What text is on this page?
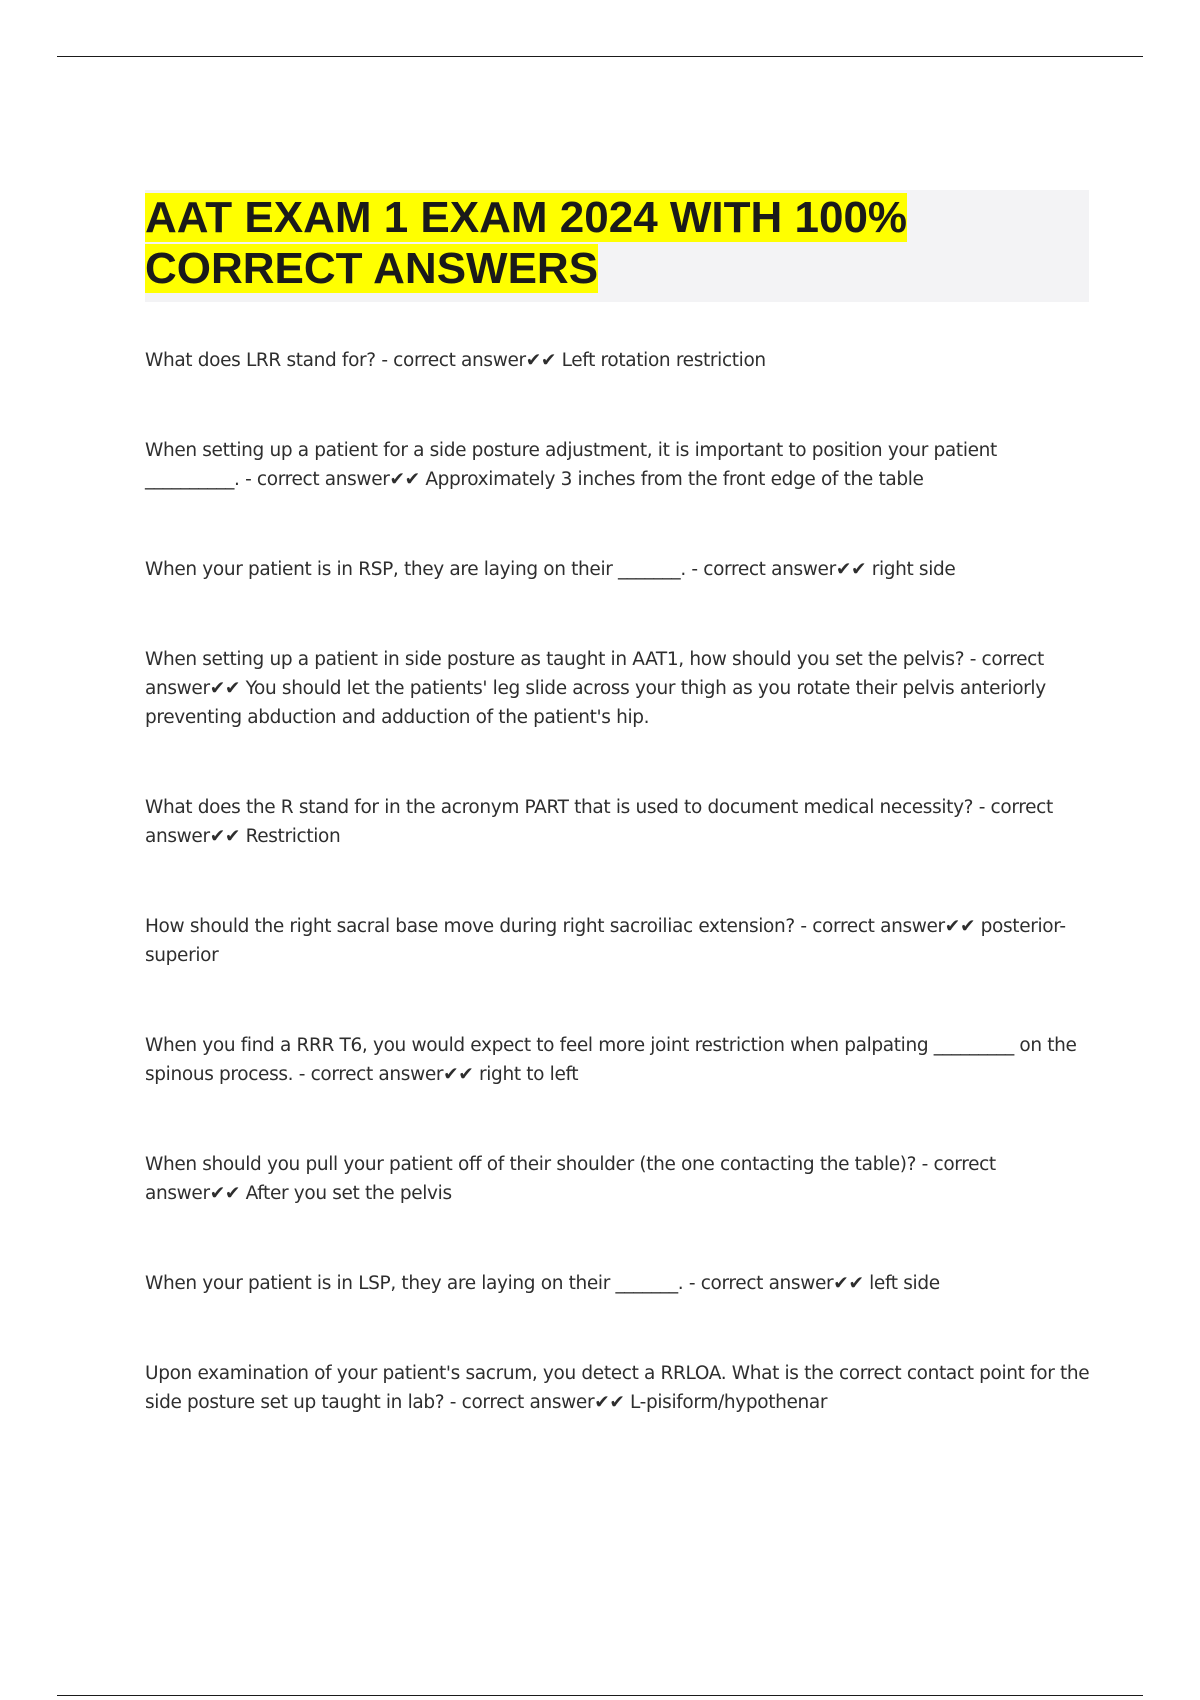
AAT EXAM 1 EXAM 2024 WITH 100% CORRECT ANSWERS

What does LRR stand for? - correct answer✔✔ Left rotation restriction

When setting up a patient for a side posture adjustment, it is important to position your patient __________. - correct answer✔✔ Approximately 3 inches from the front edge of the table

When your patient is in RSP, they are laying on their _______. - correct answer✔✔ right side

When setting up a patient in side posture as taught in AAT1, how should you set the pelvis? - correct answer✔✔ You should let the patients' leg slide across your thigh as you rotate their pelvis anteriorly preventing abduction and adduction of the patient's hip.

What does the R stand for in the acronym PART that is used to document medical necessity? - correct answer✔✔ Restriction

How should the right sacral base move during right sacroiliac extension? - correct answer✔✔ posterior-superior

When you find a RRR T6, you would expect to feel more joint restriction when palpating _________ on the spinous process. - correct answer✔✔ right to left

When should you pull your patient off of their shoulder (the one contacting the table)? - correct answer✔✔ After you set the pelvis

When your patient is in LSP, they are laying on their _______. - correct answer✔✔ left side

Upon examination of your patient's sacrum, you detect a RRLOA. What is the correct contact point for the side posture set up taught in lab? - correct answer✔✔ L-pisiform/hypothenar
